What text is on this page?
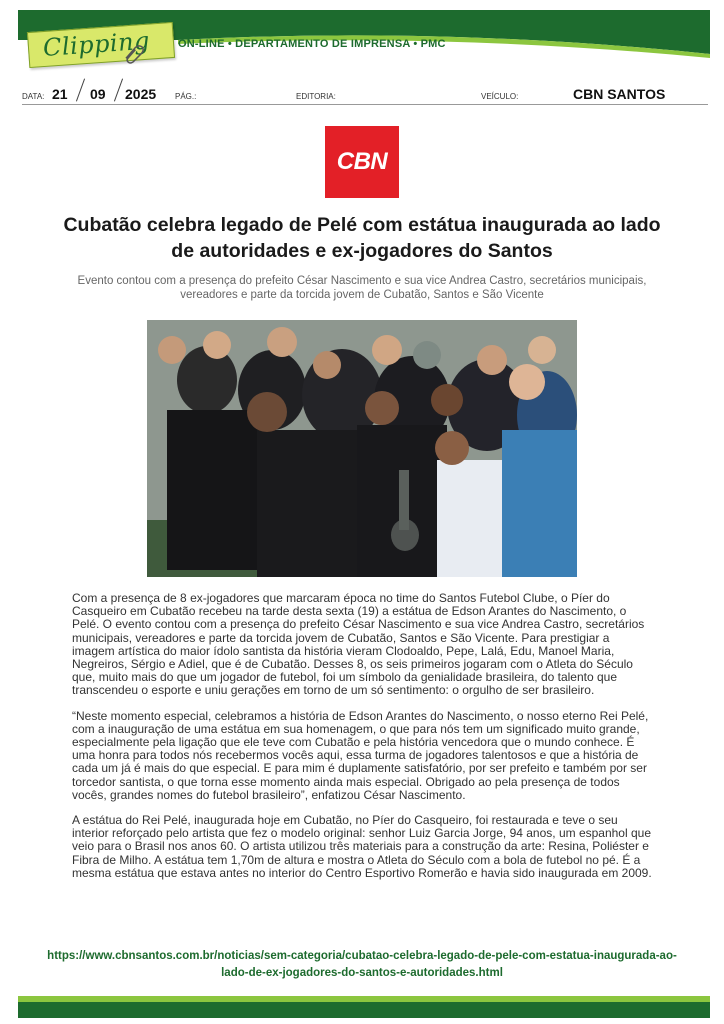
Clipping ON-LINE • DEPARTAMENTO DE IMPRENSA • PMC
DATA: 21 09 2025 PÁG.:	EDITORIA:	VEÍCULO:	CBN SANTOS
CBN
Cubatão celebra legado de Pelé com estátua inaugurada ao lado de autoridades e ex-jogadores do Santos
Evento contou com a presença do prefeito César Nascimento e sua vice Andrea Castro, secretários municipais, vereadores e parte da torcida jovem de Cubatão, Santos e São Vicente

Com a presença de 8 ex-jogadores que marcaram época no time do Santos Futebol Clube, o Píer do Casqueiro em Cubatão recebeu na tarde desta sexta (19) a estátua de Edson Arantes do Nascimento, o Pelé. O evento contou com a presença do prefeito César Nascimento e sua vice Andrea Castro, secretários municipais, vereadores e parte da torcida jovem de Cubatão, Santos e São Vicente. Para prestigiar a imagem artística do maior ídolo santista da história vieram Clodoaldo, Pepe, Lalá, Edu, Manoel Maria, Negreiros, Sérgio e Adiel, que é de Cubatão. Desses 8, os seis primeiros jogaram com o Atleta do Século que, muito mais do que um jogador de futebol, foi um símbolo da genialidade brasileira, do talento que transcendeu o esporte e uniu gerações em torno de um só sentimento: o orgulho de ser brasileiro.

“Neste momento especial, celebramos a história de Edson Arantes do Nascimento, o nosso eterno Rei Pelé, com a inauguração de uma estátua em sua homenagem, o que para nós tem um significado muito grande, especialmente pela ligação que ele teve com Cubatão e pela história vencedora que o mundo conhece. É uma honra para todos nós recebermos vocês aqui, essa turma de jogadores talentosos e que a história de cada um já é mais do que especial. E para mim é duplamente satisfatório, por ser prefeito e também por ser torcedor santista, o que torna esse momento ainda mais especial. Obrigado ao pela presença de todos vocês, grandes nomes do futebol brasileiro”, enfatizou César Nascimento.

A estátua do Rei Pelé, inaugurada hoje em Cubatão, no Píer do Casqueiro, foi restaurada e teve o seu interior reforçado pelo artista que fez o modelo original: senhor Luiz Garcia Jorge, 94 anos, um espanhol que veio para o Brasil nos anos 60. O artista utilizou três materiais para a construção da arte: Resina, Poliéster e Fibra de Milho. A estátua tem 1,70m de altura e mostra o Atleta do Século com a bola de futebol no pé. É a mesma estátua que estava antes no interior do Centro Esportivo Romerão e havia sido inaugurada em 2009.

https://www.cbnsantos.com.br/noticias/sem-categoria/cubatao-celebra-legado-de-pele-com-estatua-inaugurada-ao-lado-de-ex-jogadores-do-santos-e-autoridades.html
